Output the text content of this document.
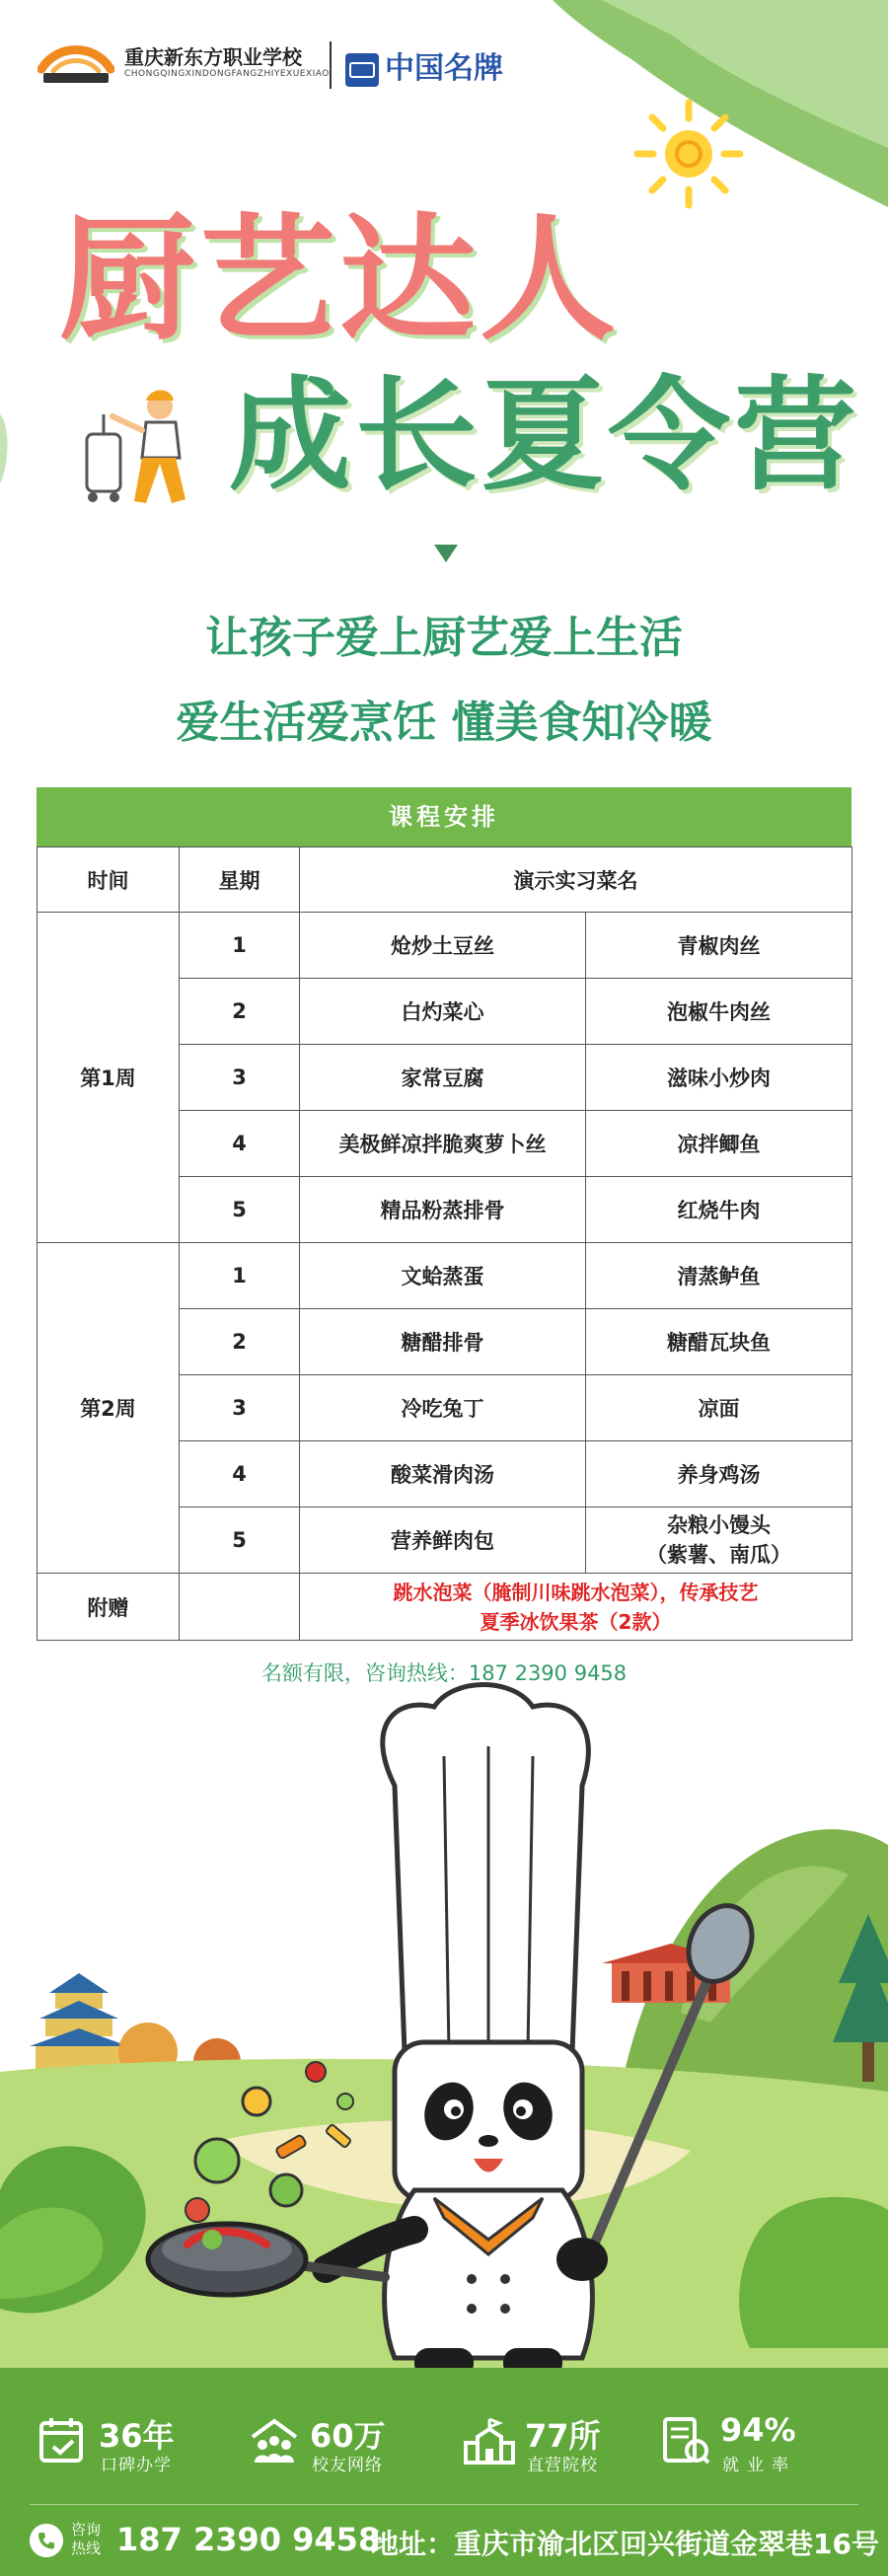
重庆新东方职业学校
CHONGQINGXINDONGFANGZHIYEXUEXIAO	中国名牌
厨艺达人
成长夏令营
让孩子爱上厨艺爱上生活
爱生活爱烹饪 懂美食知冷暖
课程安排
时间	星期	演示实习菜名	
第1周	1	炝炒土豆丝	青椒肉丝
	2	白灼菜心	泡椒牛肉丝
	3	家常豆腐	滋味小炒肉
	4	美极鲜凉拌脆爽萝卜丝	凉拌鲫鱼
	5	精品粉蒸排骨	红烧牛肉
第2周	1	文蛤蒸蛋	清蒸鲈鱼
	2	糖醋排骨	糖醋瓦块鱼
	3	冷吃兔丁	凉面
	4	酸菜滑肉汤	养身鸡汤
	5	营养鲜肉包	杂粮小馒头
（紫薯、南瓜）

附赠		跳水泡菜（腌制川味跳水泡菜），传承技艺
夏季冰饮果茶（2款）	
名额有限，咨询热线：187 2390 9458
36年
口碑办学
60万
校友网络
77所
直营院校
94%
就业率
咨询热线 187 2390 9458
地址：重庆市渝北区回兴街道金翠巷16号
